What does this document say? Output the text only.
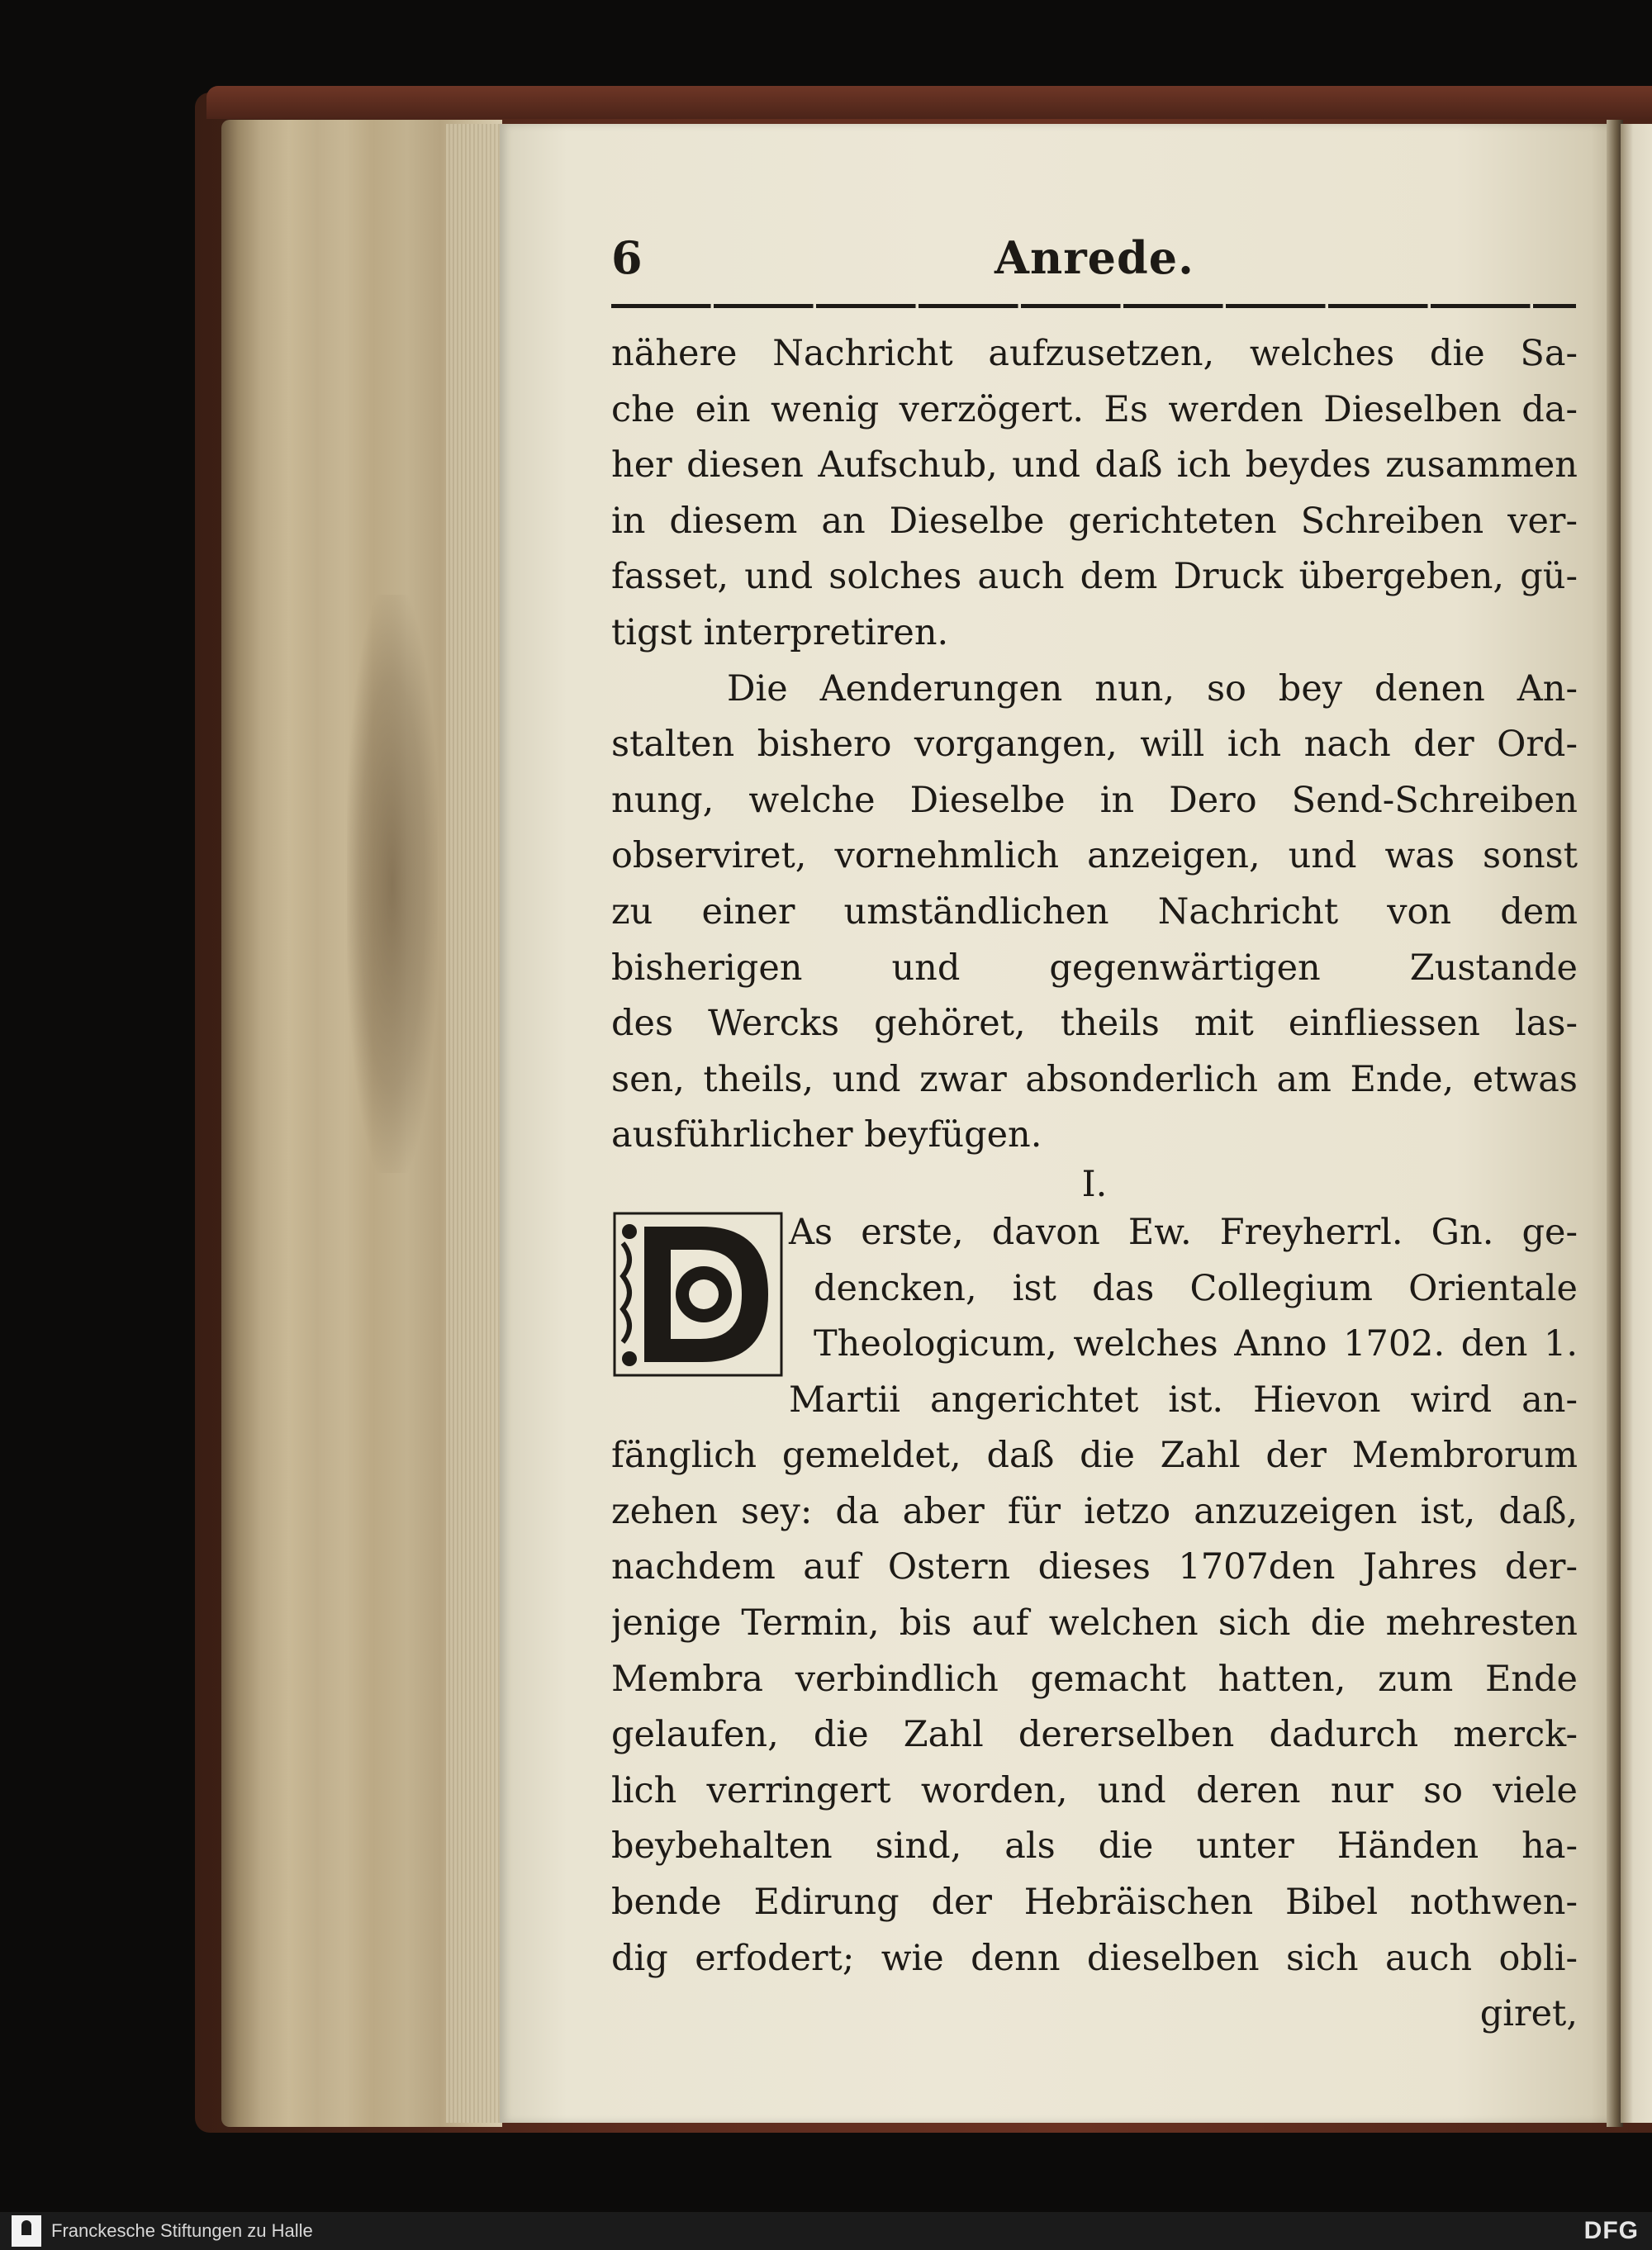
6	Anrede.
nähere Nachricht aufzusetzen, welches die Sa-
che ein wenig verzögert. Es werden Dieselben da-
her diesen Aufschub, und daß ich beydes zusammen
in diesem an Dieselbe gerichteten Schreiben ver-
fasset, und solches auch dem Druck übergeben, gü-
tigst interpretiren.
Die Aenderungen nun, so bey denen An-
stalten bishero vorgangen, will ich nach der Ord-
nung, welche Dieselbe in Dero Send-Schreiben
observiret, vornehmlich anzeigen, und was sonst
zu einer umständlichen Nachricht von dem
bisherigen und gegenwärtigen Zustande
des Wercks gehöret, theils mit einfliessen las-
sen, theils, und zwar absonderlich am Ende, etwas
ausführlicher beyfügen.
I.
As erste, davon Ew. Freyherrl. Gn. ge-
dencken, ist das Collegium Orientale
Theologicum, welches Anno 1702. den 1.
Martii angerichtet ist. Hievon wird an-
fänglich gemeldet, daß die Zahl der Membrorum
zehen sey: da aber für ietzo anzuzeigen ist, daß,
nachdem auf Ostern dieses 1707den Jahres der-
jenige Termin, bis auf welchen sich die mehresten
Membra verbindlich gemacht hatten, zum Ende
gelaufen, die Zahl dererselben dadurch merck-
lich verringert worden, und deren nur so viele
beybehalten sind, als die unter Händen ha-
bende Edirung der Hebräischen Bibel nothwen-
dig erfodert; wie denn dieselben sich auch obli-
giret,
Franckesche Stiftungen zu Halle	DFG
